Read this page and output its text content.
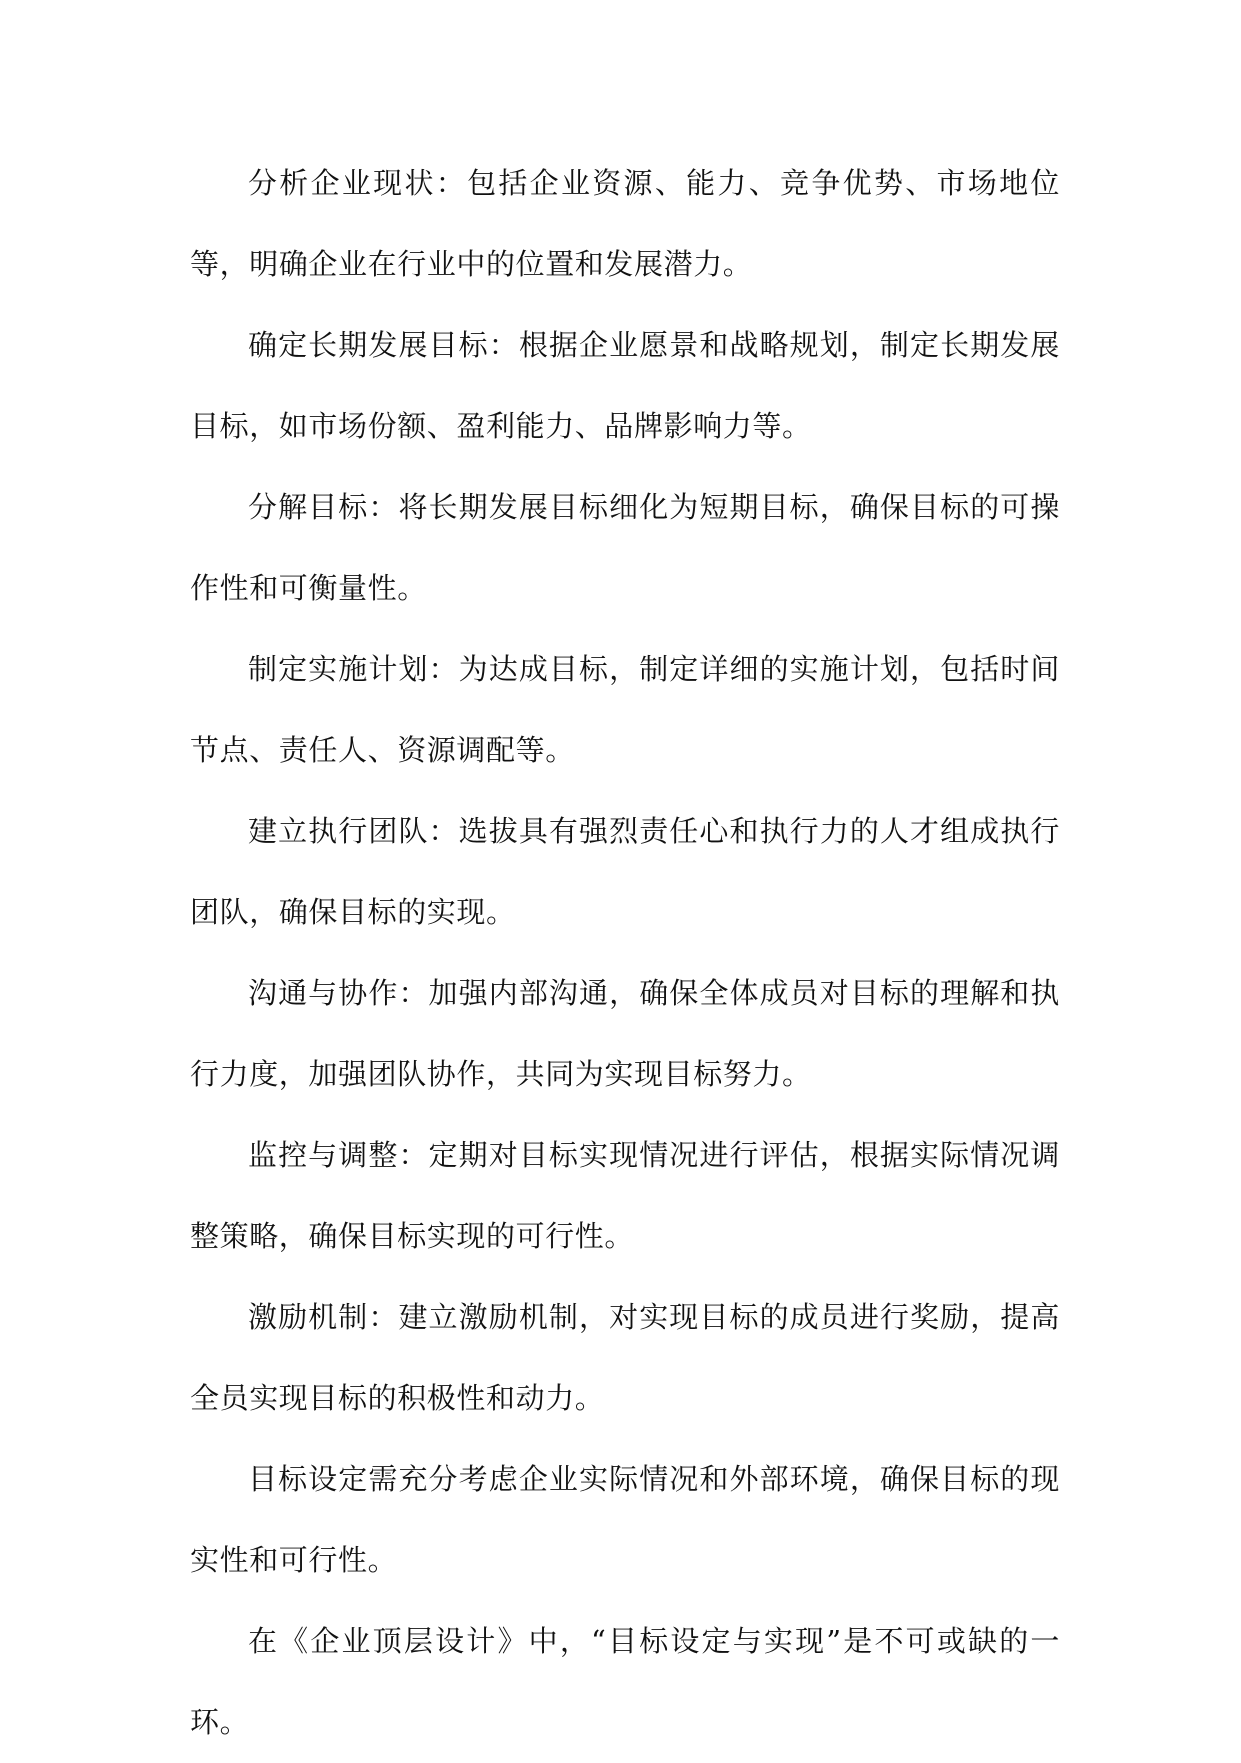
分析企业现状：包括企业资源、能力、竞争优势、市场地位等，明确企业在行业中的位置和发展潜力。

确定长期发展目标：根据企业愿景和战略规划，制定长期发展目标，如市场份额、盈利能力、品牌影响力等。

分解目标：将长期发展目标细化为短期目标，确保目标的可操作性和可衡量性。

制定实施计划：为达成目标，制定详细的实施计划，包括时间节点、责任人、资源调配等。

建立执行团队：选拔具有强烈责任心和执行力的人才组成执行团队，确保目标的实现。

沟通与协作：加强内部沟通，确保全体成员对目标的理解和执行力度，加强团队协作，共同为实现目标努力。

监控与调整：定期对目标实现情况进行评估，根据实际情况调整策略，确保目标实现的可行性。

激励机制：建立激励机制，对实现目标的成员进行奖励，提高全员实现目标的积极性和动力。

目标设定需充分考虑企业实际情况和外部环境，确保目标的现实性和可行性。

在《企业顶层设计》中，“目标设定与实现”是不可或缺的一环。
